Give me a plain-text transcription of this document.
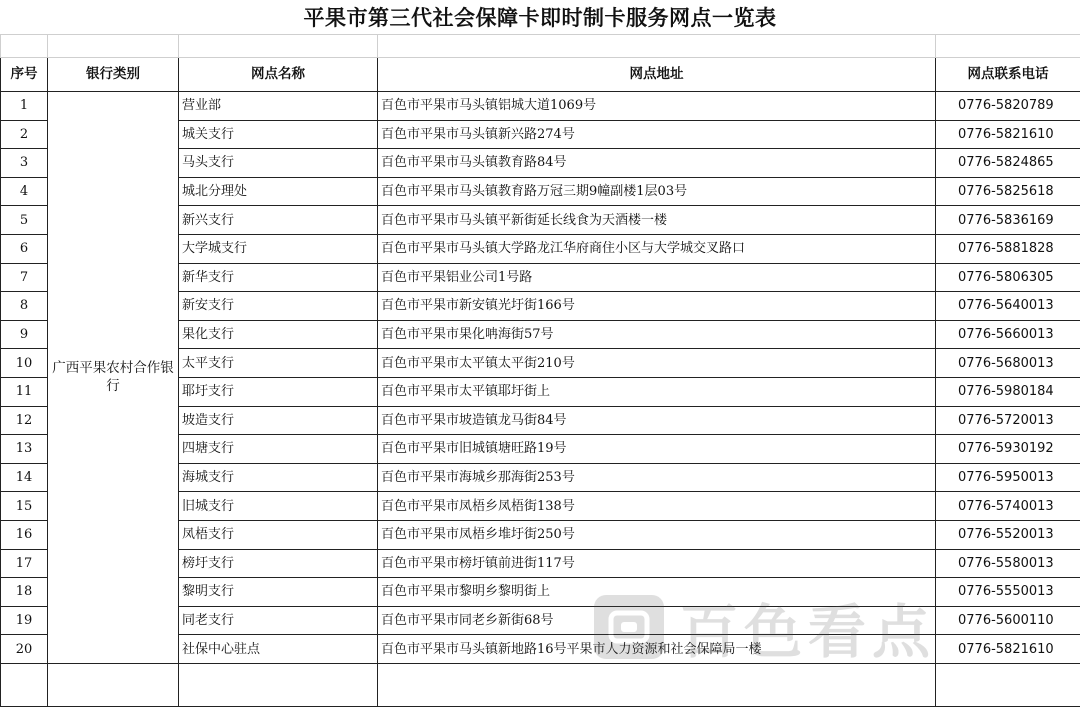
平果市第三代社会保障卡即时制卡服务网点一览表

序号	银行类别	网点名称	网点地址	网点联系电话
1	广西平果农村合作银行	营业部	百色市平果市马头镇铝城大道1069号	0776-5820789
2		城关支行	百色市平果市马头镇新兴路274号	0776-5821610
3		马头支行	百色市平果市马头镇教育路84号	0776-5824865
4		城北分理处	百色市平果市马头镇教育路万冠三期9幢副楼1层03号	0776-5825618
5		新兴支行	百色市平果市马头镇平新街延长线食为天酒楼一楼	0776-5836169
6		大学城支行	百色市平果市马头镇大学路龙江华府商住小区与大学城交叉路口	0776-5881828
7		新华支行	百色市平果铝业公司1号路	0776-5806305
8		新安支行	百色市平果市新安镇光圩街166号	0776-5640013
9		果化支行	百色市平果市果化呥海街57号	0776-5660013
10		太平支行	百色市平果市太平镇太平街210号	0776-5680013
11		耶圩支行	百色市平果市太平镇耶圩街上	0776-5980184
12		坡造支行	百色市平果市坡造镇龙马街84号	0776-5720013
13		四塘支行	百色市平果市旧城镇塘旺路19号	0776-5930192
14		海城支行	百色市平果市海城乡那海街253号	0776-5950013
15		旧城支行	百色市平果市凤梧乡凤梧街138号	0776-5740013
16		凤梧支行	百色市平果市凤梧乡堆圩街250号	0776-5520013
17		榜圩支行	百色市平果市榜圩镇前进街117号	0776-5580013
18		黎明支行	百色市平果市黎明乡黎明街上	0776-5550013
19		同老支行	百色市平果市同老乡新街68号	0776-5600110
20		社保中心驻点	百色市平果市马头镇新地路16号平果市人力资源和社会保障局一楼	0776-5821610

百色看点
